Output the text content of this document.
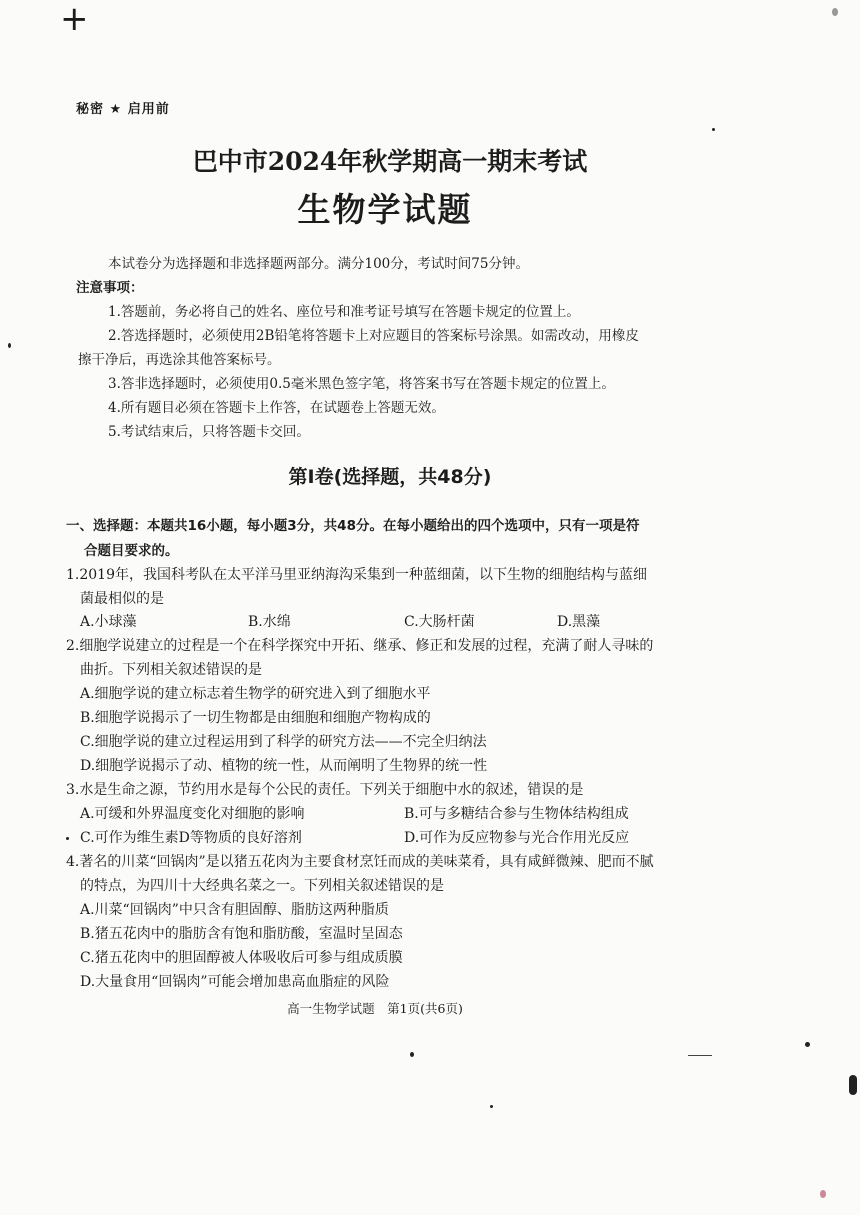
+
秘密 ★ 启用前
巴中市2024年秋学期高一期末考试
生物学试题
本试卷分为选择题和非选择题两部分。满分100分，考试时间75分钟。
注意事项：
1.答题前，务必将自己的姓名、座位号和准考证号填写在答题卡规定的位置上。
2.答选择题时，必须使用2B铅笔将答题卡上对应题目的答案标号涂黑。如需改动，用橡皮
擦干净后，再选涂其他答案标号。
3.答非选择题时，必须使用0.5毫米黑色签字笔，将答案书写在答题卡规定的位置上。
4.所有题目必须在答题卡上作答，在试题卷上答题无效。
5.考试结束后，只将答题卡交回。
第Ⅰ卷(选择题，共48分)
一、选择题：本题共16小题，每小题3分，共48分。在每小题给出的四个选项中，只有一项是符
合题目要求的。
1.2019年，我国科考队在太平洋马里亚纳海沟采集到一种蓝细菌，以下生物的细胞结构与蓝细
菌最相似的是
A.小球藻	B.水绵	C.大肠杆菌	D.黑藻
2.细胞学说建立的过程是一个在科学探究中开拓、继承、修正和发展的过程，充满了耐人寻味的
曲折。下列相关叙述错误的是
A.细胞学说的建立标志着生物学的研究进入到了细胞水平
B.细胞学说揭示了一切生物都是由细胞和细胞产物构成的
C.细胞学说的建立过程运用到了科学的研究方法——不完全归纳法
D.细胞学说揭示了动、植物的统一性，从而阐明了生物界的统一性
3.水是生命之源，节约用水是每个公民的责任。下列关于细胞中水的叙述，错误的是
A.可缓和外界温度变化对细胞的影响	B.可与多糖结合参与生物体结构组成
C.可作为维生素D等物质的良好溶剂	D.可作为反应物参与光合作用光反应
4.著名的川菜“回锅肉”是以猪五花肉为主要食材烹饪而成的美味菜肴，具有咸鲜微辣、肥而不腻
的特点，为四川十大经典名菜之一。下列相关叙述错误的是
A.川菜“回锅肉”中只含有胆固醇、脂肪这两种脂质
B.猪五花肉中的脂肪含有饱和脂肪酸，室温时呈固态
C.猪五花肉中的胆固醇被人体吸收后可参与组成质膜
D.大量食用“回锅肉”可能会增加患高血脂症的风险
高一生物学试题　第1页(共6页)
